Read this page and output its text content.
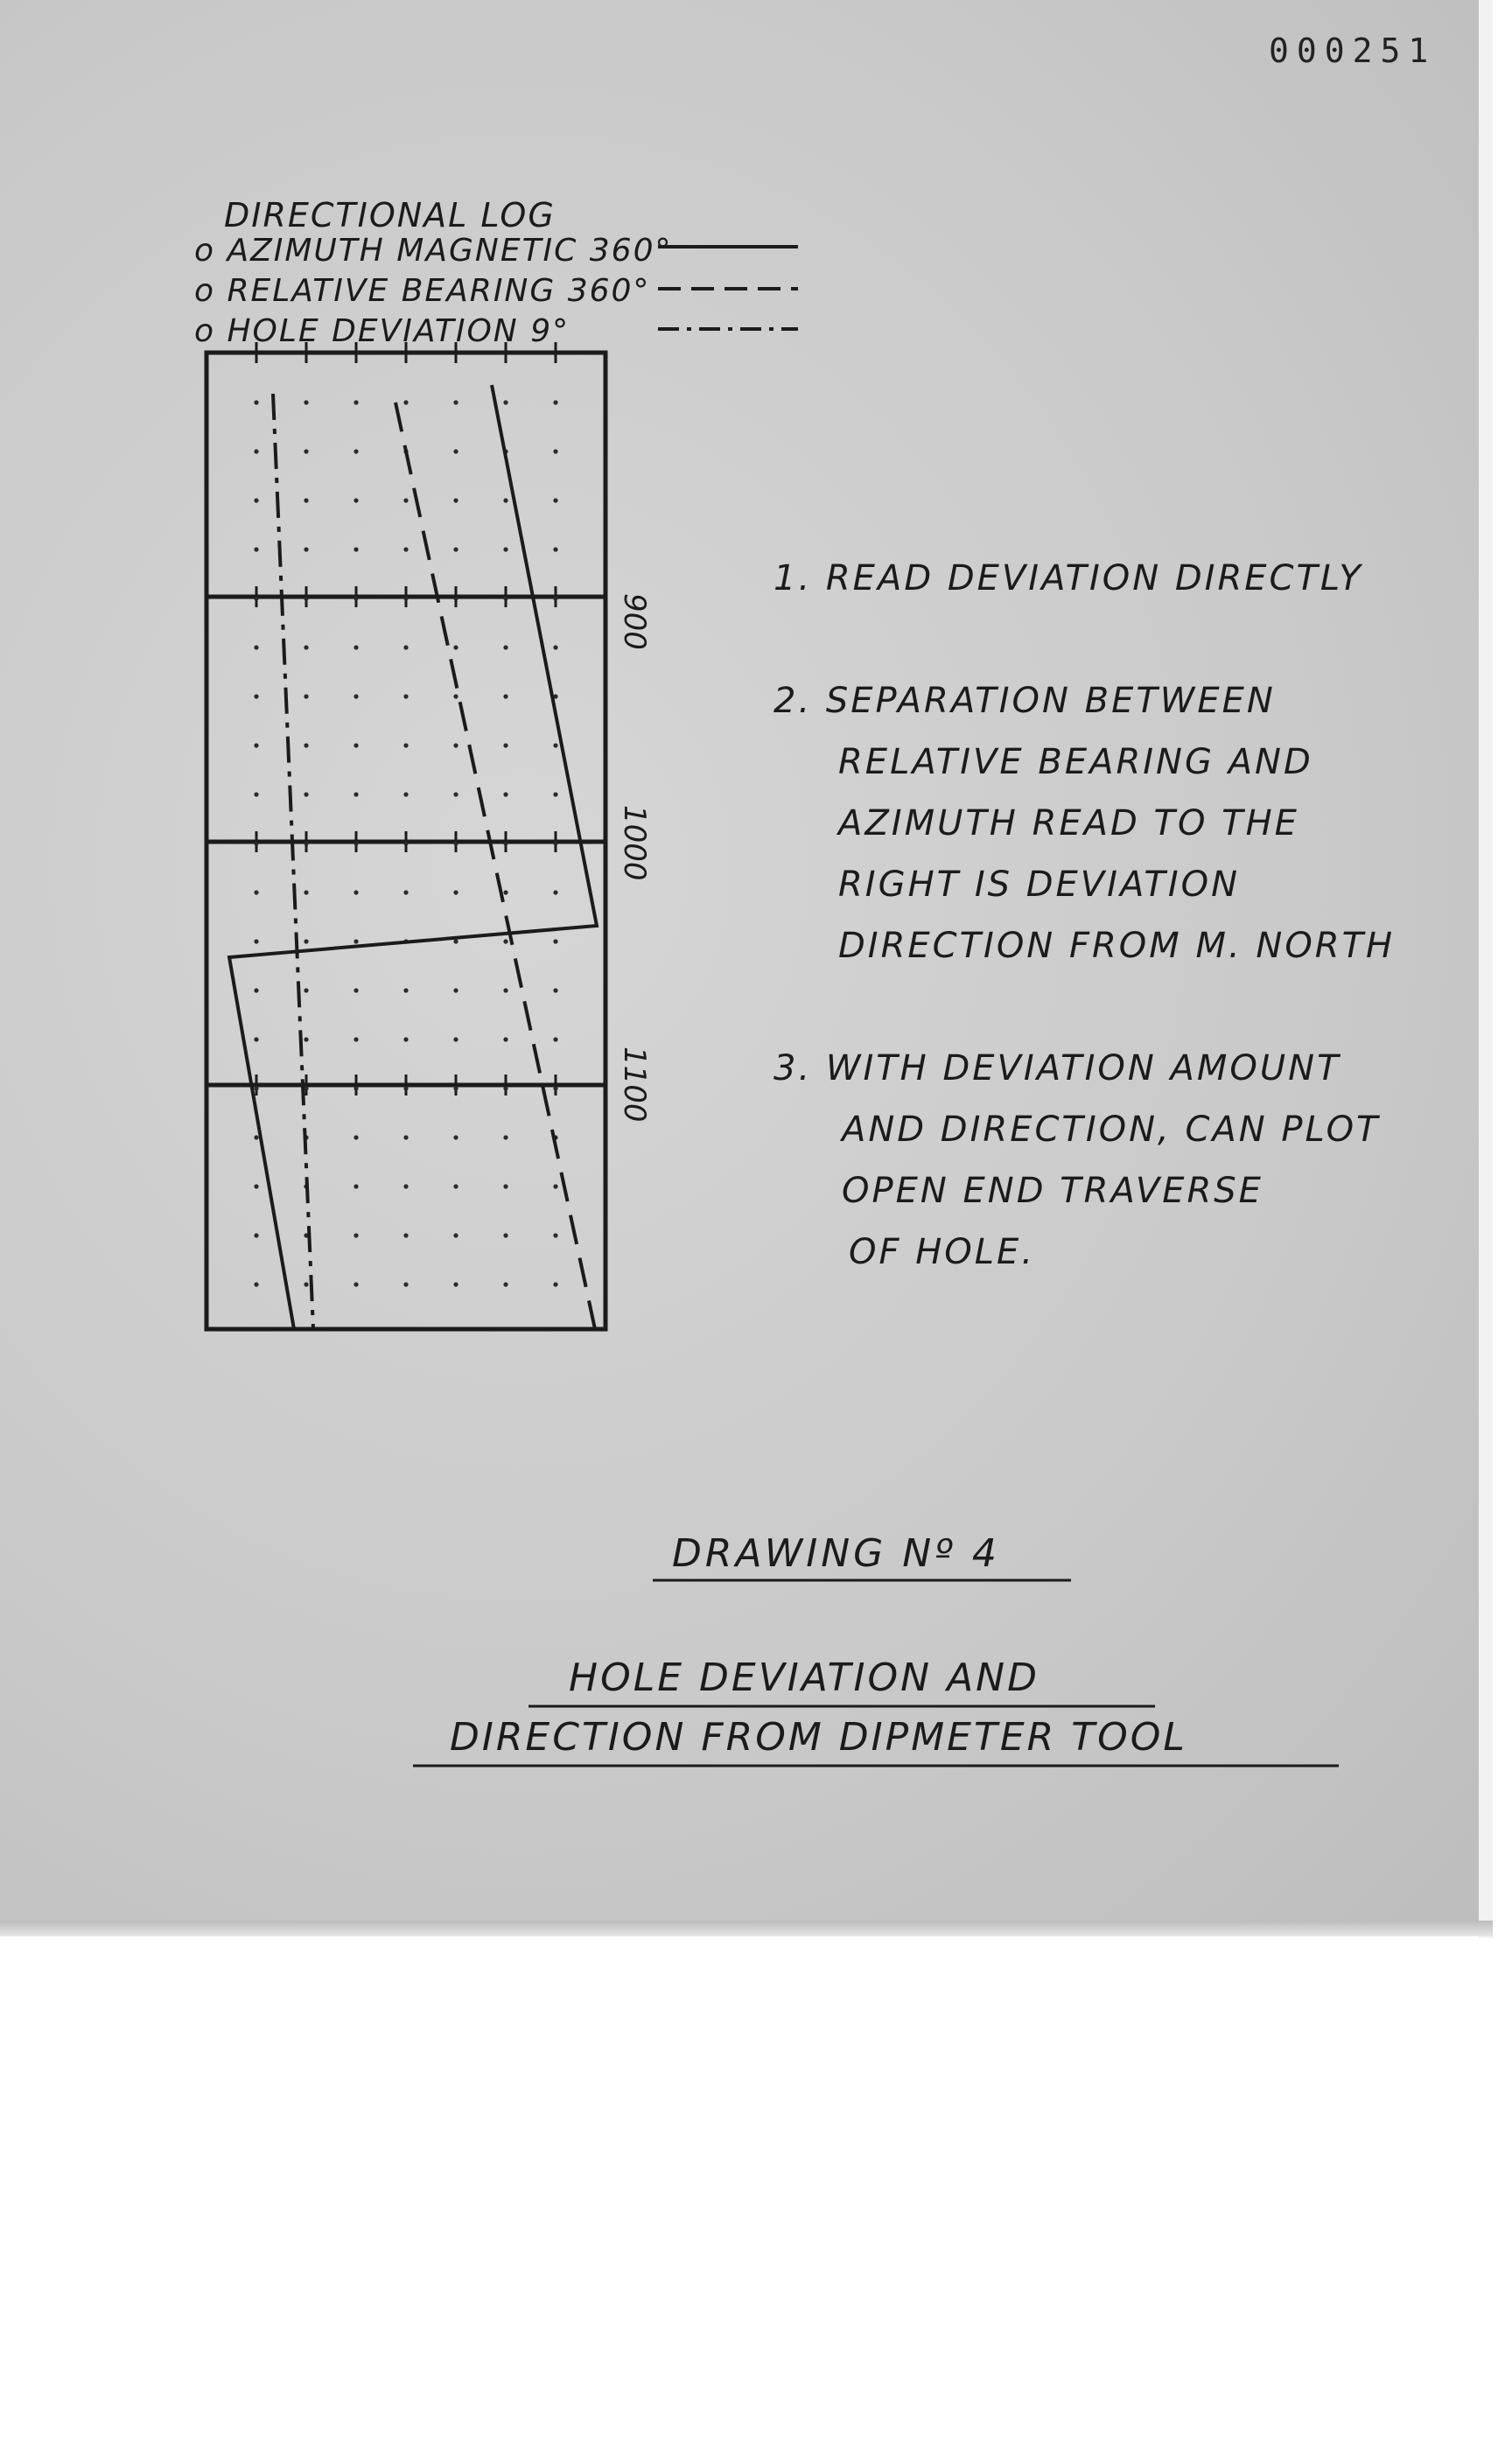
000251
DIRECTIONAL LOG
o AZIMUTH MAGNETIC 360°
o RELATIVE BEARING 360°
o HOLE DEVIATION 9°
900
1000
1100
1. READ DEVIATION DIRECTLY
2. SEPARATION BETWEEN
RELATIVE BEARING AND
AZIMUTH READ TO THE
RIGHT IS DEVIATION
DIRECTION FROM M. NORTH
3. WITH DEVIATION AMOUNT
AND DIRECTION, CAN PLOT
OPEN END TRAVERSE
OF HOLE.
DRAWING Nº 4
HOLE DEVIATION AND
DIRECTION FROM DIPMETER TOOL
